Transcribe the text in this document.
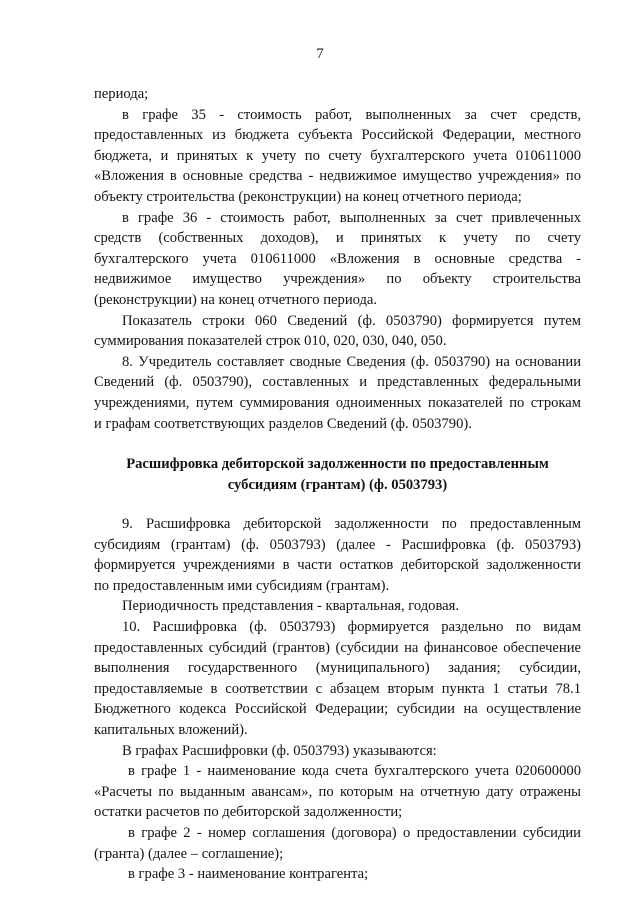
7
периода;
в графе 35 - стоимость работ, выполненных за счет средств,
предоставленных из бюджета субъекта Российской Федерации, местного
бюджета, и принятых к учету по счету бухгалтерского учета 010611000
«Вложения в основные средства - недвижимое имущество учреждения» по
объекту строительства (реконструкции) на конец отчетного периода;
в графе 36 - стоимость работ, выполненных за счет привлеченных
средств (собственных доходов), и принятых к учету по счету
бухгалтерского учета 010611000 «Вложения в основные средства -
недвижимое имущество учреждения» по объекту строительства
(реконструкции) на конец отчетного периода.
Показатель строки 060 Сведений (ф. 0503790) формируется путем
суммирования показателей строк 010, 020, 030, 040, 050.
8. Учредитель составляет сводные Сведения (ф. 0503790) на основании
Сведений (ф. 0503790), составленных и представленных федеральными
учреждениями, путем суммирования одноименных показателей по строкам
и графам соответствующих разделов Сведений (ф. 0503790).
Расшифровка дебиторской задолженности по предоставленным
субсидиям (грантам) (ф. 0503793)
9. Расшифровка дебиторской задолженности по предоставленным
субсидиям (грантам) (ф. 0503793) (далее - Расшифровка (ф. 0503793)
формируется учреждениями в части остатков дебиторской задолженности
по предоставленным ими субсидиям (грантам).
Периодичность представления - квартальная, годовая.
10. Расшифровка (ф. 0503793) формируется раздельно по видам
предоставленных субсидий (грантов) (субсидии на финансовое обеспечение
выполнения государственного (муниципального) задания; субсидии,
предоставляемые в соответствии с абзацем вторым пункта 1 статьи 78.1
Бюджетного кодекса Российской Федерации; субсидии на осуществление
капитальных вложений).
В графах Расшифровки (ф. 0503793) указываются:
в графе 1 - наименование кода счета бухгалтерского учета 020600000
«Расчеты по выданным авансам», по которым на отчетную дату отражены
остатки расчетов по дебиторской задолженности;
в графе 2 - номер соглашения (договора) о предоставлении субсидии
(гранта) (далее – соглашение);
в графе 3 - наименование контрагента;
